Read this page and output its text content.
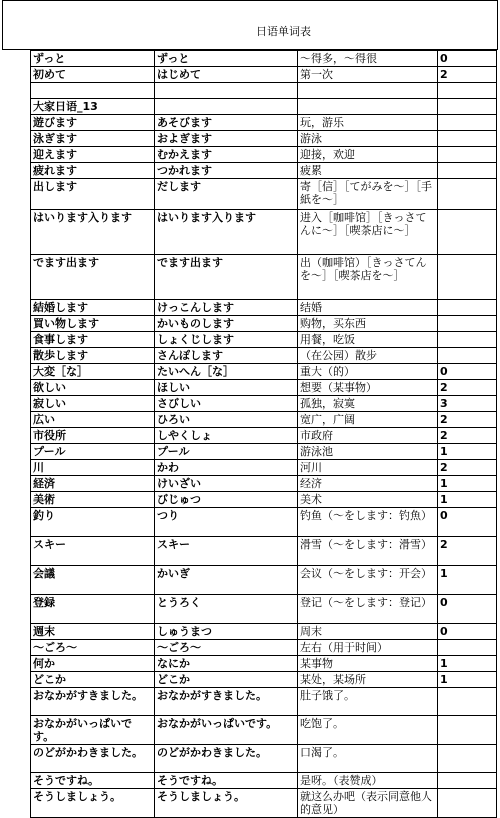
日语单词表
ずっと	ずっと	～得多，～得很	0
初めて	はじめて	第一次	2

大家日语_13			
遊びます	あそびます	玩，游乐	
泳ぎます	およぎます	游泳	
迎えます	むかえます	迎接，欢迎	
疲れます	つかれます	疲累	
出します	だします	寄［信］［てがみを～］［手紙を～］	
はいります入ります	はいります入ります	进入［咖啡馆］［きっさてんに～］［喫茶店に～］	
でます出ます	でます出ます	出（咖啡馆）［きっさてんを～］［喫茶店を～］	
結婚します	けっこんします	结婚	
買い物します	かいものします	购物，买东西	
食事します	しょくじします	用餐，吃饭	
散歩します	さんぽします	（在公园）散步	
大変［な］	たいへん［な］	重大（的）	0
欲しい	ほしい	想要（某事物）	2
寂しい	さびしい	孤独，寂寞	3
広い	ひろい	宽广，广阔	2
市役所	しやくしょ	市政府	2
プール	プール	游泳池	1
川	かわ	河川	2
経済	けいざい	经济	1
美術	びじゅつ	美术	1
釣り	つり	钓鱼（～をします：钓魚）	0
スキー	スキー	滑雪（～をします：滑雪）	2
会議	かいぎ	会议（～をします：开会）	1
登録	とうろく	登记（～をします：登记）	0
週末	しゅうまつ	周末	0
～ごろ～	～ごろ～	左右（用于时间）	
何か	なにか	某事物	1
どこか	どこか	某处，某场所	1
おなかがすきました。	おなかがすきました。	肚子饿了。	
おなかがいっぱいです。	おなかがいっぱいです。	吃饱了。	
のどがかわきました。	のどがかわきました。	口渴了。	
そうですね。	そうですね。	是呀。（表赞成）	
そうしましょう。	そうしましょう。	就这么办吧（表示同意他人的意见）	
